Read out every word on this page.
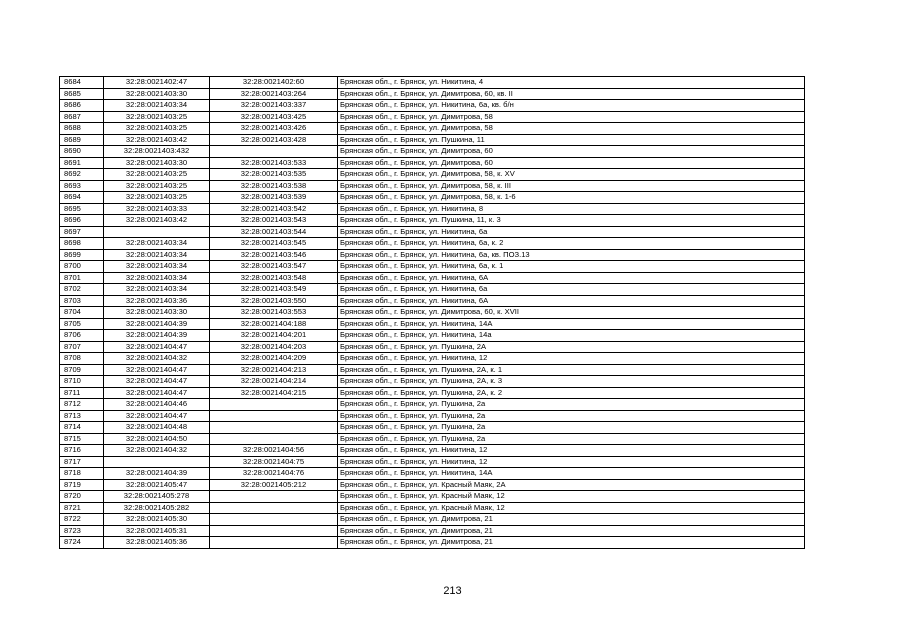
8684	32:28:0021402:47	32:28:0021402:60	Брянская обл., г. Брянск, ул. Никитина, 4
8685	32:28:0021403:30	32:28:0021403:264	Брянская обл., г. Брянск, ул. Димитрова, 60, кв. II
8686	32:28:0021403:34	32:28:0021403:337	Брянская обл., г. Брянск, ул. Никитина, 6а, кв. б/н
8687	32:28:0021403:25	32:28:0021403:425	Брянская обл., г. Брянск, ул. Димитрова, 58
8688	32:28:0021403:25	32:28:0021403:426	Брянская обл., г. Брянск, ул. Димитрова, 58
8689	32:28:0021403:42	32:28:0021403:428	Брянская обл., г. Брянск, ул. Пушкина, 11
8690	32:28:0021403:432		Брянская обл., г. Брянск, ул. Димитрова, 60
8691	32:28:0021403:30	32:28:0021403:533	Брянская обл., г. Брянск, ул. Димитрова, 60
8692	32:28:0021403:25	32:28:0021403:535	Брянская обл., г. Брянск, ул. Димитрова, 58, к. XV
8693	32:28:0021403:25	32:28:0021403:538	Брянская обл., г. Брянск, ул. Димитрова, 58, к. III
8694	32:28:0021403:25	32:28:0021403:539	Брянская обл., г. Брянск, ул. Димитрова, 58, к. 1-6
8695	32:28:0021403:33	32:28:0021403:542	Брянская обл., г. Брянск, ул. Никитина, 8
8696	32:28:0021403:42	32:28:0021403:543	Брянская обл., г. Брянск, ул. Пушкина, 11, к. 3
8697		32:28:0021403:544	Брянская обл., г. Брянск, ул. Никитина, 6а
8698	32:28:0021403:34	32:28:0021403:545	Брянская обл., г. Брянск, ул. Никитина, 6а, к. 2
8699	32:28:0021403:34	32:28:0021403:546	Брянская обл., г. Брянск, ул. Никитина, 6а, кв. ПОЗ.13
8700	32:28:0021403:34	32:28:0021403:547	Брянская обл., г. Брянск, ул. Никитина, 6а, к. 1
8701	32:28:0021403:34	32:28:0021403:548	Брянская обл., г. Брянск, ул. Никитина, 6А
8702	32:28:0021403:34	32:28:0021403:549	Брянская обл., г. Брянск, ул. Никитина, 6а
8703	32:28:0021403:36	32:28:0021403:550	Брянская обл., г. Брянск, ул. Никитина, 6А
8704	32:28:0021403:30	32:28:0021403:553	Брянская обл., г. Брянск, ул. Димитрова, 60, к. XVII
8705	32:28:0021404:39	32:28:0021404:188	Брянская обл., г. Брянск, ул. Никитина, 14А
8706	32:28:0021404:39	32:28:0021404:201	Брянская обл., г. Брянск, ул. Никитина, 14а
8707	32:28:0021404:47	32:28:0021404:203	Брянская обл., г. Брянск, ул. Пушкина, 2А
8708	32:28:0021404:32	32:28:0021404:209	Брянская обл., г. Брянск, ул. Никитина, 12
8709	32:28:0021404:47	32:28:0021404:213	Брянская обл., г. Брянск, ул. Пушкина, 2А, к. 1
8710	32:28:0021404:47	32:28:0021404:214	Брянская обл., г. Брянск, ул. Пушкина, 2А, к. 3
8711	32:28:0021404:47	32:28:0021404:215	Брянская обл., г. Брянск, ул. Пушкина, 2А, к. 2
8712	32:28:0021404:46		Брянская обл., г. Брянск, ул. Пушкина, 2а
8713	32:28:0021404:47		Брянская обл., г. Брянск, ул. Пушкина, 2а
8714	32:28:0021404:48		Брянская обл., г. Брянск, ул. Пушкина, 2а
8715	32:28:0021404:50		Брянская обл., г. Брянск, ул. Пушкина, 2а
8716	32:28:0021404:32	32:28:0021404:56	Брянская обл., г. Брянск, ул. Никитина, 12
8717		32:28:0021404:75	Брянская обл., г. Брянск, ул. Никитина, 12
8718	32:28:0021404:39	32:28:0021404:76	Брянская обл., г. Брянск, ул. Никитина, 14А
8719	32:28:0021405:47	32:28:0021405:212	Брянская обл., г. Брянск, ул. Красный Маяк, 2А
8720	32:28:0021405:278		Брянская обл., г. Брянск, ул. Красный Маяк, 12
8721	32:28:0021405:282		Брянская обл., г. Брянск, ул. Красный Маяк, 12
8722	32:28:0021405:30		Брянская обл., г. Брянск, ул. Димитрова, 21
8723	32:28:0021405:31		Брянская обл., г. Брянск, ул. Димитрова, 21
8724	32:28:0021405:36		Брянская обл., г. Брянск, ул. Димитрова, 21
213
